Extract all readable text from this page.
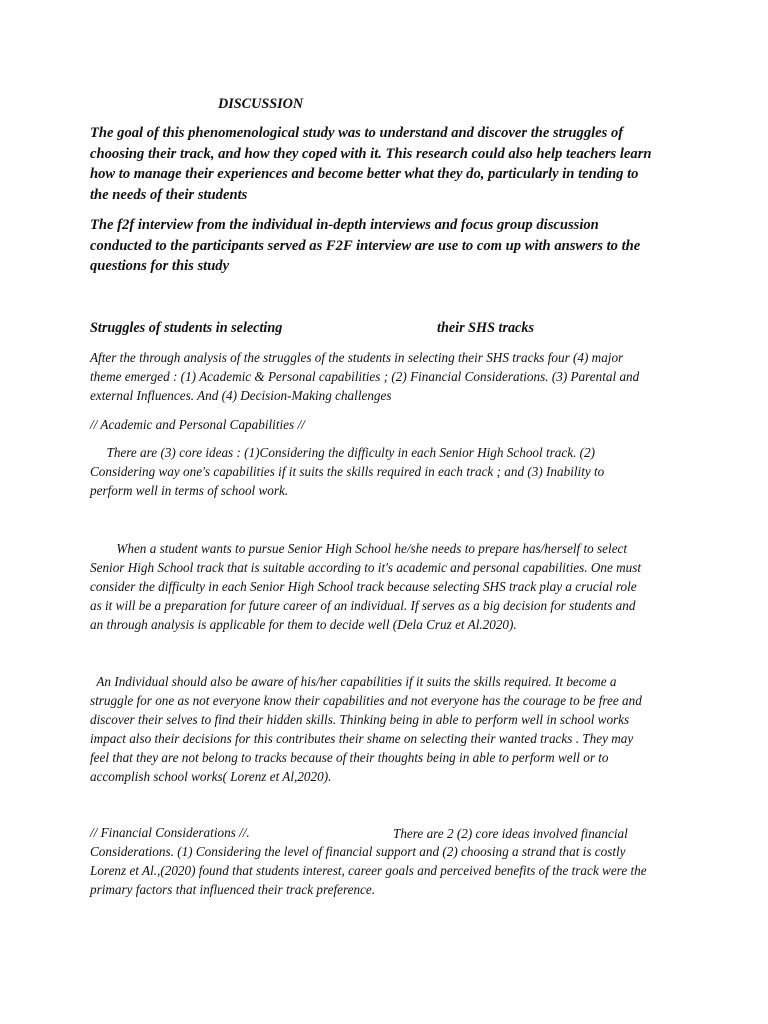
DISCUSSION
The goal of this phenomenological study was to understand and discover the struggles of
choosing their track, and how they coped with it. This research could also help teachers learn
how to manage their experiences and become better what they do, particularly in tending to
the needs of their students
The f2f interview from the individual in-depth interviews and focus group discussion
conducted to the participants served as F2F interview are use to com up with answers to the
questions for this study
Struggles of students in selecting	their SHS tracks
After the through analysis of the struggles of the students in selecting their SHS tracks four (4) major
theme emerged : (1) Academic & Personal capabilities ; (2) Financial Considerations. (3) Parental and
external Influences. And (4) Decision-Making challenges
// Academic and Personal Capabilities //
There are (3) core ideas : (1)Considering the difficulty in each Senior High School track. (2)
Considering way one's capabilities if it suits the skills required in each track ; and (3) Inability to
perform well in terms of school work.
When a student wants to pursue Senior High School he/she needs to prepare has/herself to select
Senior High School track that is suitable according to it's academic and personal capabilities. One must
consider the difficulty in each Senior High School track because selecting SHS track play a crucial role
as it will be a preparation for future career of an individual. If serves as a big decision for students and
an through analysis is applicable for them to decide well (Dela Cruz et Al.2020).
An Individual should also be aware of his/her capabilities if it suits the skills required. It become a
struggle for one as not everyone know their capabilities and not everyone has the courage to be free and
discover their selves to find their hidden skills. Thinking being in able to perform well in school works
impact also their decisions for this contributes their shame on selecting their wanted tracks . They may
feel that they are not belong to tracks because of their thoughts being in able to perform well or to
accomplish school works( Lorenz et Al,2020).
// Financial Considerations //.	There are 2 (2) core ideas involved financial
Considerations. (1) Considering the level of financial support and (2) choosing a strand that is costly
Lorenz et Al.,(2020) found that students interest, career goals and perceived benefits of the track were the
primary factors that influenced their track preference.
